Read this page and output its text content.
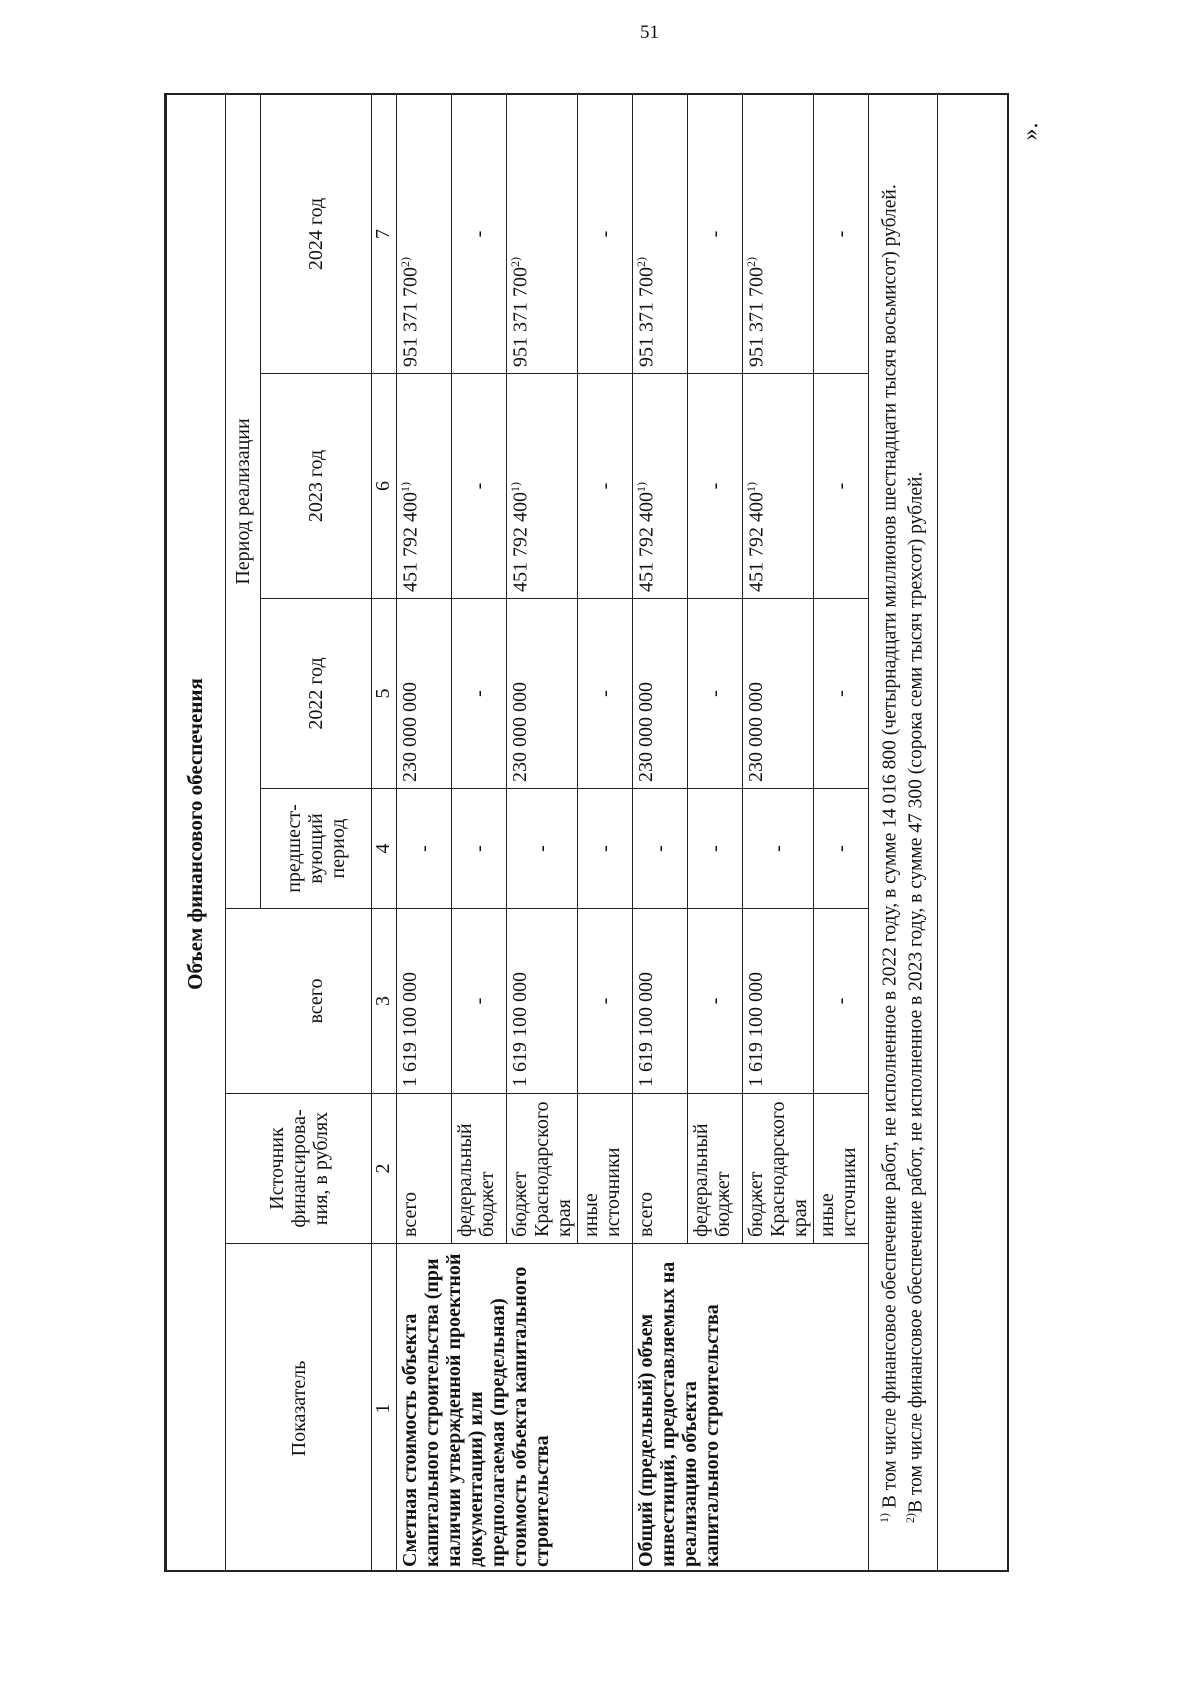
51
Объем финансового обеспечения						
Показатель	Источник финансирова-ния, в рублях		Период реализации			
		всего	предшест-вующий период	2022 год	2023 год	2024 год
1	2	3	4	5	6	7
Сметная стоимость объекта капитального строительства (при наличии утвержденной проектной документации) или предполагаемая (предельная) стоимость объекта капитального строительства	всего	1 619 100 000	-	230 000 000	451 792 400$^{1)}$	951 371 700$^{2)}$
	федеральный бюджет	-	-	-	-	-
	бюджет Краснодарского края	1 619 100 000	-	230 000 000	451 792 400$^{1)}$	951 371 700$^{2)}$
	иные источники	-	-	-	-	-
Общий (предельный) объем инвестиций, предоставляемых на реализацию объекта капитального строительства	всего	1 619 100 000	-	230 000 000	451 792 400$^{1)}$	951 371 700$^{2)}$
	федеральный бюджет	-	-	-	-	-
	бюджет Краснодарского края	1 619 100 000	-	230 000 000	451 792 400$^{1)}$	951 371 700$^{2)}$
	иные источники	-	-	-	-	-

$^{1)}$ В том числе финансовое обеспечение работ, не исполненное в 2022 году, в сумме 14 016 800 (четырнадцати миллионов шестнадцати тысяч восьмисот) рублей.
$^{2)}$В том числе финансовое обеспечение работ, не исполненное в 2023 году, в сумме 47 300 (сорока семи тысяч трехсот) рублей.						
».
